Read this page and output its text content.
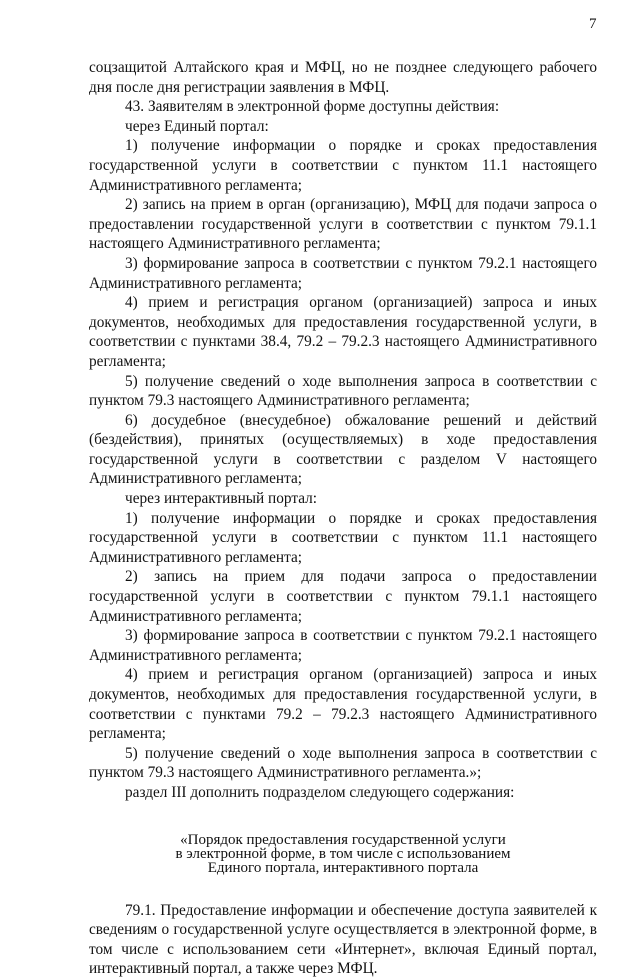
7

соцзащитой Алтайского края и МФЦ, но не позднее следующего рабочего дня после дня регистрации заявления в МФЦ.

43. Заявителям в электронной форме доступны действия:

через Единый портал:

1) получение информации о порядке и сроках предоставления государственной услуги в соответствии с пунктом 11.1 настоящего Административного регламента;

2) запись на прием в орган (организацию), МФЦ для подачи запроса о предоставлении государственной услуги в соответствии с пунктом 79.1.1 настоящего Административного регламента;

3) формирование запроса в соответствии с пунктом 79.2.1 настоящего Административного регламента;

4) прием и регистрация органом (организацией) запроса и иных документов, необходимых для предоставления государственной услуги, в соответствии с пунктами 38.4, 79.2 – 79.2.3 настоящего Административного регламента;

5) получение сведений о ходе выполнения запроса в соответствии с пунктом 79.3 настоящего Административного регламента;

6) досудебное (внесудебное) обжалование решений и действий (бездействия), принятых (осуществляемых) в ходе предоставления государственной услуги в соответствии с разделом V настоящего Административного регламента;

через интерактивный портал:

1) получение информации о порядке и сроках предоставления государственной услуги в соответствии с пунктом 11.1 настоящего Административного регламента;

2) запись на прием для подачи запроса о предоставлении государственной услуги в соответствии с пунктом 79.1.1 настоящего Административного регламента;

3) формирование запроса в соответствии с пунктом 79.2.1 настоящего Административного регламента;

4) прием и регистрация органом (организацией) запроса и иных документов, необходимых для предоставления государственной услуги, в соответствии с пунктами 79.2 – 79.2.3 настоящего Административного регламента;

5) получение сведений о ходе выполнения запроса в соответствии с пунктом 79.3 настоящего Административного регламента.»;

раздел III дополнить подразделом следующего содержания:

«Порядок предоставления государственной услуги
в электронной форме, в том числе с использованием
Единого портала, интерактивного портала

79.1. Предоставление информации и обеспечение доступа заявителей к сведениям о государственной услуге осуществляется в электронной форме, в том числе с использованием сети «Интернет», включая Единый портал, интерактивный портал, а также через МФЦ.
